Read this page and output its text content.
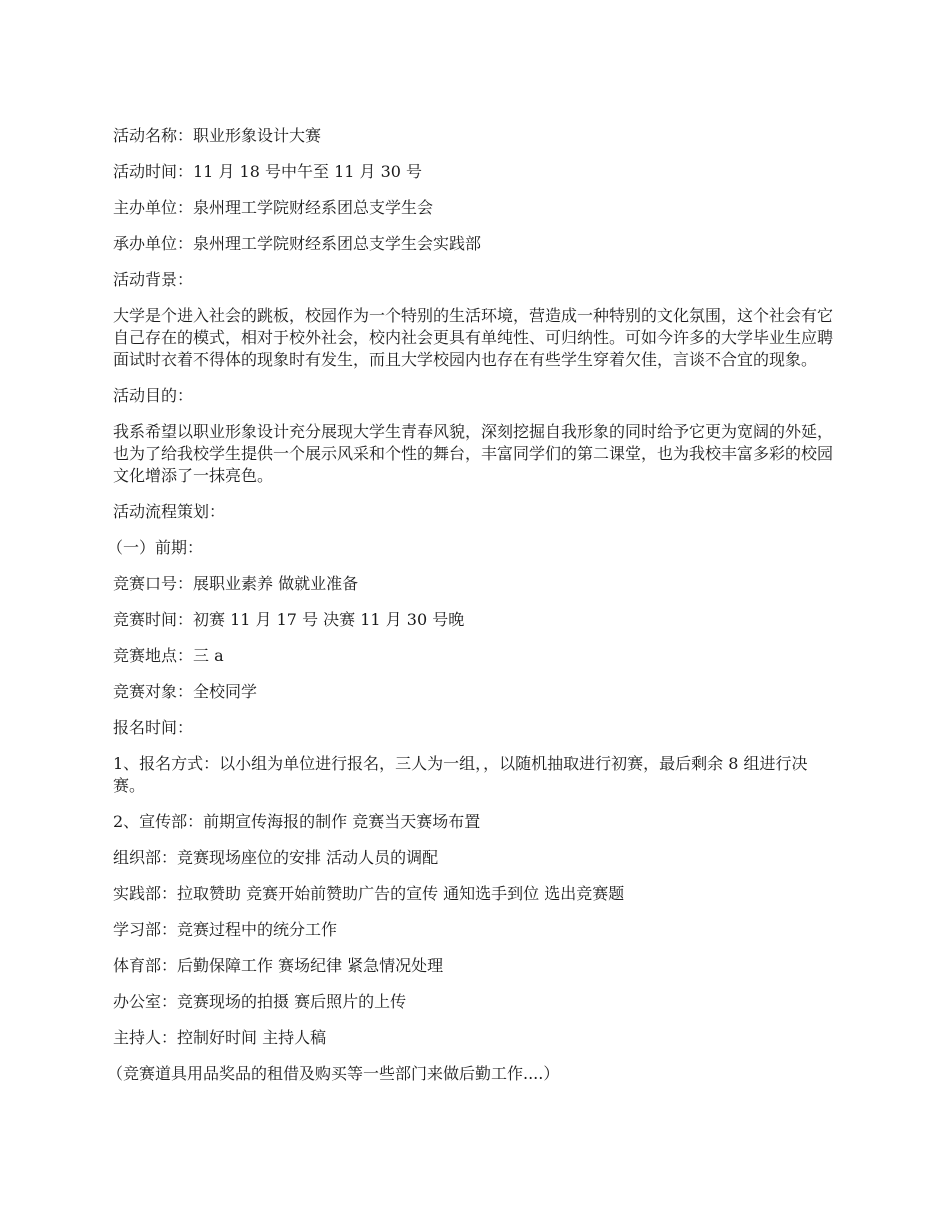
活动名称：职业形象设计大赛

活动时间：11 月 18 号中午至 11 月 30 号

主办单位：泉州理工学院财经系团总支学生会

承办单位：泉州理工学院财经系团总支学生会实践部

活动背景：

大学是个进入社会的跳板，校园作为一个特别的生活环境，营造成一种特别的文化氛围，这个社会有它自己存在的模式，相对于校外社会，校内社会更具有单纯性、可归纳性。可如今许多的大学毕业生应聘面试时衣着不得体的现象时有发生，而且大学校园内也存在有些学生穿着欠佳，言谈不合宜的现象。

活动目的：

我系希望以职业形象设计充分展现大学生青春风貌，深刻挖掘自我形象的同时给予它更为宽阔的外延，也为了给我校学生提供一个展示风采和个性的舞台，丰富同学们的第二课堂，也为我校丰富多彩的校园文化增添了一抹亮色。

活动流程策划：

（一）前期：

竞赛口号：展职业素养 做就业准备

竞赛时间：初赛 11 月 17 号 决赛 11 月 30 号晚

竞赛地点：三 a

竞赛对象：全校同学

报名时间：

1、报名方式：以小组为单位进行报名，三人为一组，，以随机抽取进行初赛，最后剩余 8 组进行决赛。

2、宣传部：前期宣传海报的制作 竞赛当天赛场布置

组织部：竞赛现场座位的安排 活动人员的调配

实践部：拉取赞助 竞赛开始前赞助广告的宣传 通知选手到位 选出竞赛题

学习部：竞赛过程中的统分工作

体育部：后勤保障工作 赛场纪律 紧急情况处理

办公室：竞赛现场的拍摄 赛后照片的上传

主持人：控制好时间 主持人稿

（竞赛道具用品奖品的租借及购买等一些部门来做后勤工作....）
